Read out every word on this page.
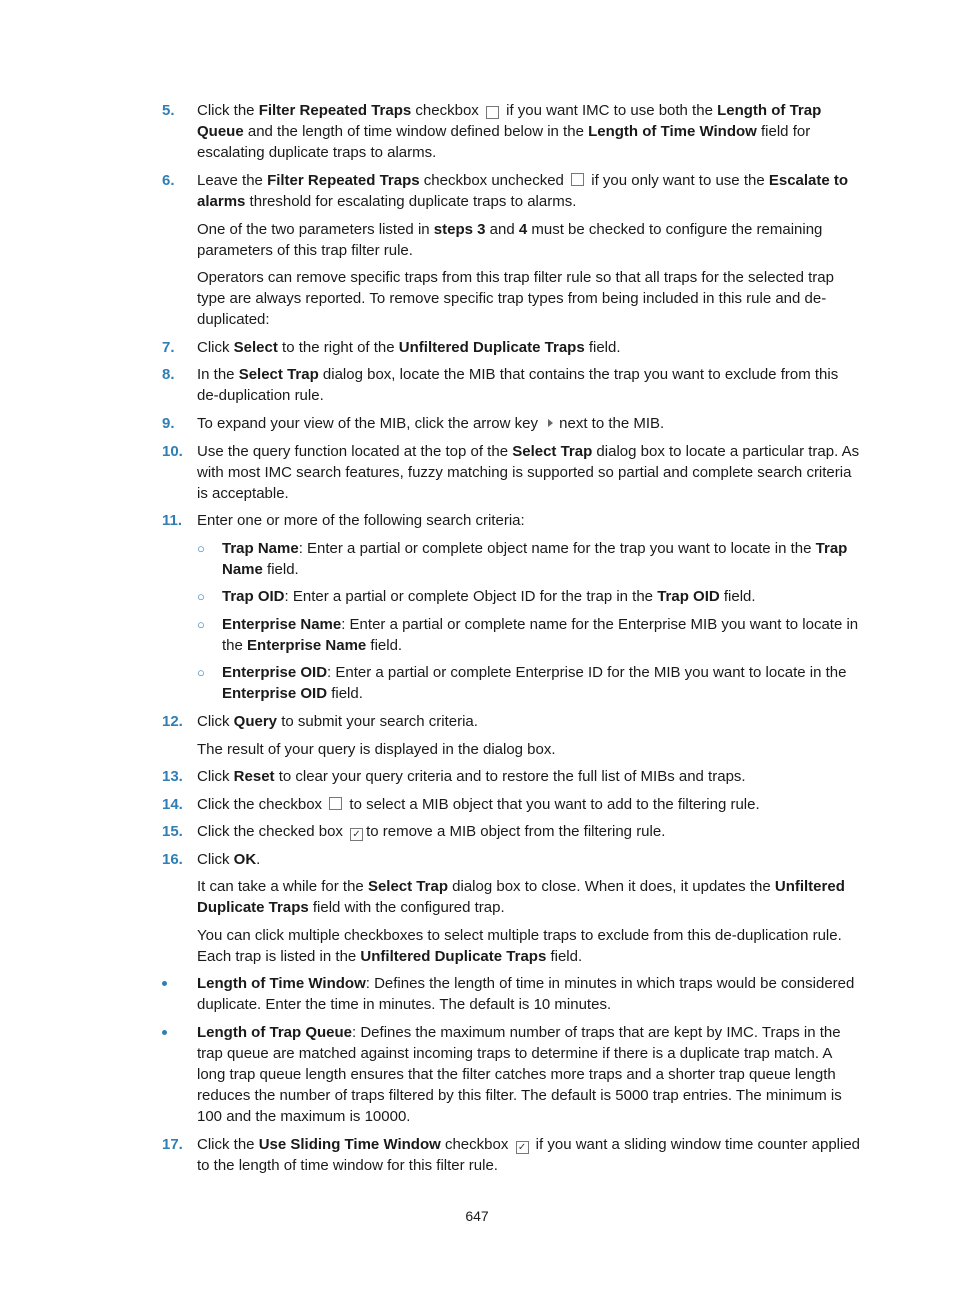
5. Click the Filter Repeated Traps checkbox  if you want IMC to use both the Length of Trap Queue and the length of time window defined below in the Length of Time Window field for escalating duplicate traps to alarms.
6. Leave the Filter Repeated Traps checkbox unchecked  if you only want to use the Escalate to alarms threshold for escalating duplicate traps to alarms.
One of the two parameters listed in steps 3 and 4 must be checked to configure the remaining parameters of this trap filter rule.
Operators can remove specific traps from this trap filter rule so that all traps for the selected trap type are always reported. To remove specific trap types from being included in this rule and de-duplicated:
7. Click Select to the right of the Unfiltered Duplicate Traps field.
8. In the Select Trap dialog box, locate the MIB that contains the trap you want to exclude from this de-duplication rule.
9. To expand your view of the MIB, click the arrow key next to the MIB.
10. Use the query function located at the top of the Select Trap dialog box to locate a particular trap. As with most IMC search features, fuzzy matching is supported so partial and complete search criteria is acceptable.
11. Enter one or more of the following search criteria:
○ Trap Name: Enter a partial or complete object name for the trap you want to locate in the Trap Name field.
○ Trap OID: Enter a partial or complete Object ID for the trap in the Trap OID field.
○ Enterprise Name: Enter a partial or complete name for the Enterprise MIB you want to locate in the Enterprise Name field.
○ Enterprise OID: Enter a partial or complete Enterprise ID for the MIB you want to locate in the Enterprise OID field.
12. Click Query to submit your search criteria.
The result of your query is displayed in the dialog box.
13. Click Reset to clear your query criteria and to restore the full list of MIBs and traps.
14. Click the checkbox  to select a MIB object that you want to add to the filtering rule.
15. Click the checked box ✓ to remove a MIB object from the filtering rule.
16. Click OK.
It can take a while for the Select Trap dialog box to close. When it does, it updates the Unfiltered Duplicate Traps field with the configured trap.
You can click multiple checkboxes to select multiple traps to exclude from this de-duplication rule. Each trap is listed in the Unfiltered Duplicate Traps field.
Length of Time Window: Defines the length of time in minutes in which traps would be considered duplicate. Enter the time in minutes. The default is 10 minutes.
Length of Trap Queue: Defines the maximum number of traps that are kept by IMC. Traps in the trap queue are matched against incoming traps to determine if there is a duplicate trap match. A long trap queue length ensures that the filter catches more traps and a shorter trap queue length reduces the number of traps filtered by this filter. The default is 5000 trap entries. The minimum is 100 and the maximum is 10000.
17. Click the Use Sliding Time Window checkbox ✓ if you want a sliding window time counter applied to the length of time window for this filter rule.
647
